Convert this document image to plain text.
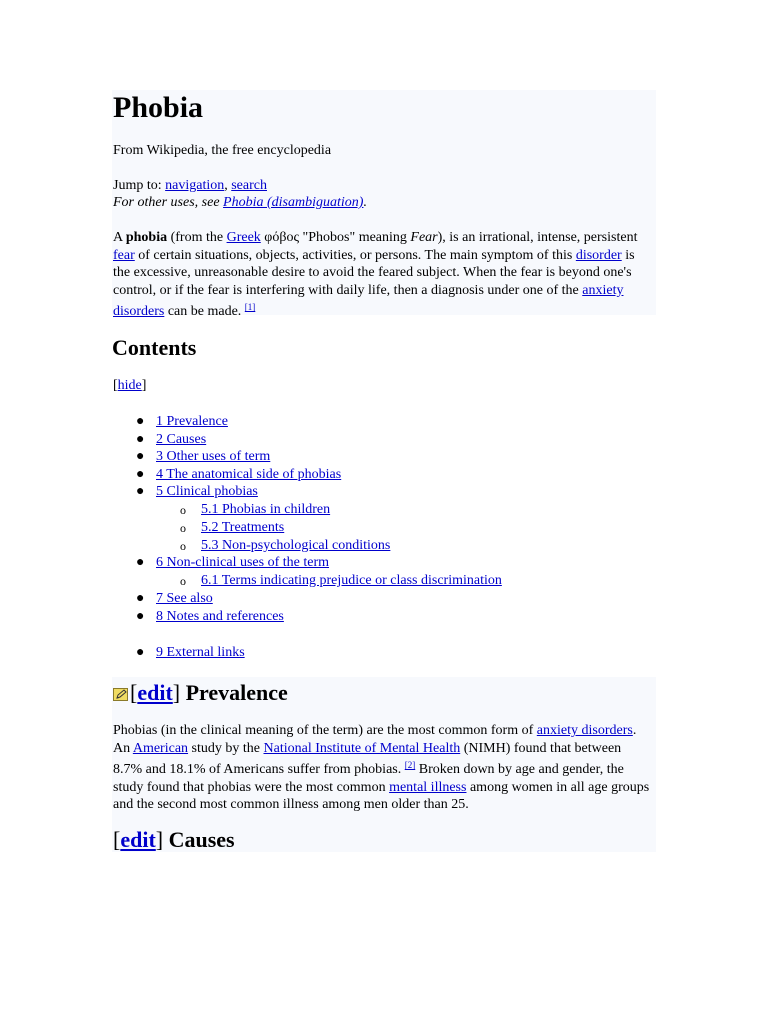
Phobia

From Wikipedia, the free encyclopedia

Jump to: navigation, search

For other uses, see Phobia (disambiguation).

A phobia (from the Greek φόβος "Phobos" meaning Fear), is an irrational, intense, persistent fear of certain situations, objects, activities, or persons. The main symptom of this disorder is the excessive, unreasonable desire to avoid the feared subject. When the fear is beyond one's control, or if the fear is interfering with daily life, then a diagnosis under one of the anxiety disorders can be made. [1]

Contents

[hide]

● 1 Prevalence
● 2 Causes
● 3 Other uses of term
● 4 The anatomical side of phobias
● 5 Clinical phobias
o 5.1 Phobias in children
o 5.2 Treatments
o 5.3 Non-psychological conditions
● 6 Non-clinical uses of the term
o 6.1 Terms indicating prejudice or class discrimination
● 7 See also
● 8 Notes and references
● 9 External links
[edit] Prevalence

Phobias (in the clinical meaning of the term) are the most common form of anxiety disorders. An American study by the National Institute of Mental Health (NIMH) found that between 8.7% and 18.1% of Americans suffer from phobias. [2] Broken down by age and gender, the study found that phobias were the most common mental illness among women in all age groups and the second most common illness among men older than 25.

[edit] Causes
